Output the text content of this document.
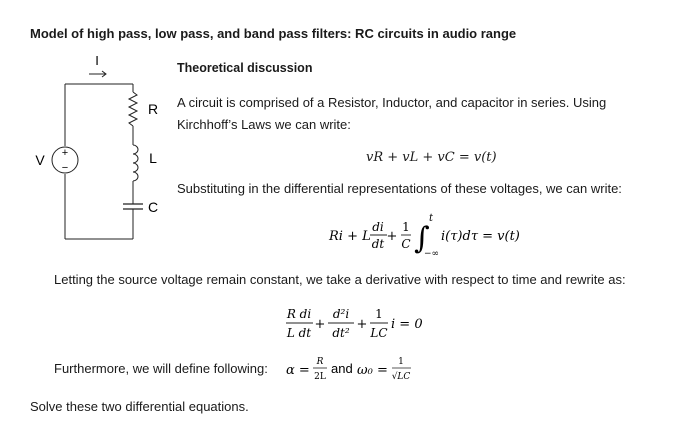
Model of high pass, low pass, and band pass filters: RC circuits in audio range
I
+
−
V
R
L
C
Theoretical discussion
A circuit is comprised of a Resistor, Inductor, and capacitor in series. Using
Kirchhoff’s Laws we can write:
vR + vL + vC = v(t)
Substituting in the differential representations of these voltages, we can write:
Ri + L
di
dt +
1
C ∫
t
−∞
i(τ)dτ = v(t)
Letting the source voltage remain constant, we take a derivative with respect to time and rewrite as:
R di
L dt
+
d²i
dt²
+
1
LC
i = 0
Furthermore, we will define following: α =
R
2L
and ω₀ =
1
√LC
Solve these two differential equations.
